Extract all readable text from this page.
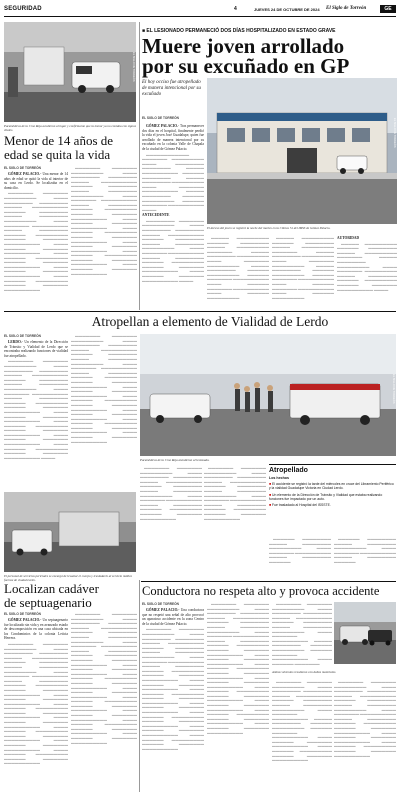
SEGURIDAD	4	JUEVES 24 DE OCTUBRE DE 2024 El Siglo de Torreón	GE
■ EL LESIONADO PERMANECIÓ DOS DÍAS HOSPITALIZADO EN ESTADO GRAVE
Muere joven arrollado
por su excuñado en GP
EL SIGLO DE TORREÓN
Paramédicos de la Cruz Roja acudieron al lugar y confirmaron que la menor ya no contaba con signos vitales.
El hoy occiso fue atropellado de manera intencional por su excuñado
EL SIGLO DE TORREÓN

GÓMEZ PALACIO.- Tras permanecer dos días en el hospital, finalmente perdió la vida el joven José Guadalupe, quien fue arrollado de manera intencional por su excuñado en la colonia Valle de Chapala de la ciudad de Gómez Palacio.

▬▬▬▬▬▬▬▬▬▬▬▬ ▬▬▬▬▬▬▬ ▬▬▬▬▬▬▬▬▬ ▬▬▬▬ ▬▬▬▬▬▬▬▬ ▬▬▬▬▬▬▬▬ ▬▬▬▬▬ ▬▬▬▬▬▬▬▬▬▬ ▬▬▬▬▬▬ ▬▬▬▬▬▬▬▬ ▬▬▬▬▬ ▬▬▬▬▬▬▬▬ ▬▬▬▬▬▬▬▬▬ ▬▬▬▬ ▬▬▬▬▬▬▬ ▬▬▬▬▬▬▬▬▬▬ ▬▬▬▬▬ ▬▬▬▬▬▬▬▬ ▬▬▬▬▬▬ ▬▬▬▬▬▬▬▬▬ ▬▬▬▬▬▬ ▬▬▬▬▬▬▬ ▬▬▬▬▬▬▬▬▬▬ ▬▬▬▬

ANTECEDENTE

▬▬▬▬▬▬▬▬ ▬▬▬▬▬▬▬ ▬▬▬▬▬▬▬▬▬ ▬▬▬▬ ▬▬▬▬▬▬▬▬ ▬▬▬▬▬▬▬▬ ▬▬▬▬▬ ▬▬▬▬▬▬▬▬▬▬ ▬▬▬▬▬▬ ▬▬▬▬▬▬▬▬ ▬▬▬▬▬ ▬▬▬▬▬▬▬▬ ▬▬▬▬▬▬▬▬▬ ▬▬▬▬ ▬▬▬▬▬▬▬ ▬▬▬▬▬▬▬▬▬▬ ▬▬▬▬▬ ▬▬▬▬▬▬▬▬ ▬▬▬▬▬▬ ▬▬▬▬▬▬▬▬▬ ▬▬▬▬▬▬ ▬▬▬▬▬▬▬ ▬▬▬▬▬▬▬▬▬▬ ▬▬▬▬ ▬▬▬▬▬▬ ▬▬▬▬▬▬▬ ▬▬▬▬▬▬▬▬▬▬ ▬▬▬▬

EL SIGLO DE TORREÓN
El deceso del joven se registró la noche del martes en la Clínica 51 del IMSS de Gómez Palacio.

▬▬▬▬▬ ▬▬▬▬▬▬▬▬▬ ▬▬▬▬▬▬ ▬▬▬▬▬▬▬▬ ▬▬▬▬▬ ▬▬▬▬▬▬▬▬▬ ▬▬▬▬▬▬▬ ▬▬▬▬▬ ▬▬▬▬▬▬▬▬ ▬▬▬▬▬▬▬▬▬ ▬▬▬▬ ▬▬▬▬▬▬▬ ▬▬▬▬▬▬▬▬▬ ▬▬▬▬▬ ▬▬▬▬▬▬▬▬ ▬▬▬▬▬▬ ▬▬▬▬▬▬▬▬▬ ▬▬▬▬▬▬ ▬▬▬▬▬▬▬ ▬▬▬▬▬▬▬▬▬▬ ▬▬▬▬ ▬▬▬▬▬▬ ▬▬▬▬▬▬▬ ▬▬▬▬▬▬▬▬▬▬ ▬▬▬▬ ▬▬▬▬▬▬ ▬▬▬▬▬▬▬▬▬

▬▬▬▬▬ ▬▬▬▬▬▬▬▬▬ ▬▬▬▬▬▬ ▬▬▬▬▬▬▬▬ ▬▬▬▬▬ ▬▬▬▬▬▬▬▬▬ ▬▬▬▬▬▬▬ ▬▬▬▬▬ ▬▬▬▬▬▬▬▬ ▬▬▬▬▬▬▬▬▬ ▬▬▬▬ ▬▬▬▬▬▬▬ ▬▬▬▬▬▬▬▬▬ ▬▬▬▬▬ ▬▬▬▬▬▬▬▬ ▬▬▬▬▬▬ ▬▬▬▬▬▬▬▬▬ ▬▬▬▬▬▬ ▬▬▬▬▬▬▬ ▬▬▬▬▬▬▬▬▬▬ ▬▬▬▬ ▬▬▬▬▬▬ ▬▬▬▬▬▬▬ ▬▬▬▬▬▬▬▬▬▬ ▬▬▬▬ ▬▬▬▬▬▬ ▬▬▬▬▬▬▬▬▬

AUTORIDAD

▬▬▬▬▬ ▬▬▬▬▬▬▬▬▬ ▬▬▬▬▬▬ ▬▬▬▬▬▬▬▬ ▬▬▬▬▬ ▬▬▬▬▬▬▬▬▬ ▬▬▬▬▬▬▬ ▬▬▬▬▬ ▬▬▬▬▬▬▬▬ ▬▬▬▬▬▬▬▬▬ ▬▬▬▬ ▬▬▬▬▬▬▬ ▬▬▬▬▬▬▬▬▬ ▬▬▬▬▬ ▬▬▬▬▬▬▬▬ ▬▬▬▬▬▬ ▬▬▬▬▬▬▬▬▬ ▬▬▬▬▬▬ ▬▬▬▬▬▬▬ ▬▬▬▬▬▬▬▬▬▬ ▬▬▬▬

Menor de 14 años de
edad se quita la vida
EL SIGLO DE TORREÓN

GÓMEZ PALACIO.- Una menor de 14 años de edad se quitó la vida al interior de su casa en Lerdo. Se localizaba en el domicilio.

▬▬▬▬▬▬▬ ▬▬▬▬▬▬▬ ▬▬▬▬▬▬▬▬▬ ▬▬▬▬ ▬▬▬▬▬▬▬▬ ▬▬▬▬▬▬▬▬ ▬▬▬▬▬ ▬▬▬▬▬▬▬▬▬▬ ▬▬▬▬▬▬ ▬▬▬▬▬▬▬▬ ▬▬▬▬▬ ▬▬▬▬▬▬▬▬ ▬▬▬▬▬▬▬▬▬ ▬▬▬▬ ▬▬▬▬▬▬▬ ▬▬▬▬▬▬▬▬▬▬ ▬▬▬▬▬ ▬▬▬▬▬▬▬▬ ▬▬▬▬▬▬ ▬▬▬▬▬▬▬▬▬ ▬▬▬▬▬▬ ▬▬▬▬▬▬▬ ▬▬▬▬▬▬▬▬▬▬ ▬▬▬▬ ▬▬▬▬▬▬ ▬▬▬▬▬▬▬ ▬▬▬▬▬▬▬▬▬▬ ▬▬▬▬ ▬▬▬▬▬▬ ▬▬▬▬▬▬▬▬▬ ▬▬▬▬▬▬ ▬▬▬▬▬▬▬ ▬▬▬▬▬▬▬▬▬▬ ▬▬▬▬ ▬▬▬▬▬▬ ▬▬▬▬▬▬▬ ▬▬▬▬▬▬▬▬▬▬ ▬▬▬▬ ▬▬▬▬▬▬ ▬▬▬▬▬▬▬▬▬ ▬▬▬▬▬▬ ▬▬▬▬▬▬▬ ▬▬▬▬▬▬▬▬▬▬

▬▬▬▬▬▬▬ ▬▬▬▬▬▬▬ ▬▬▬▬▬▬▬▬▬ ▬▬▬▬ ▬▬▬▬▬▬▬▬ ▬▬▬▬▬▬▬▬ ▬▬▬▬▬ ▬▬▬▬▬▬▬▬▬▬ ▬▬▬▬▬▬ ▬▬▬▬▬▬▬▬ ▬▬▬▬▬ ▬▬▬▬▬▬▬▬ ▬▬▬▬▬▬▬▬▬ ▬▬▬▬ ▬▬▬▬▬▬▬ ▬▬▬▬▬▬▬▬▬▬ ▬▬▬▬▬ ▬▬▬▬▬▬▬▬ ▬▬▬▬▬▬ ▬▬▬▬▬▬▬▬▬ ▬▬▬▬▬▬ ▬▬▬▬▬▬▬ ▬▬▬▬▬▬▬▬▬▬ ▬▬▬▬ ▬▬▬▬▬▬ ▬▬▬▬▬▬▬ ▬▬▬▬▬▬▬▬▬▬ ▬▬▬▬ ▬▬▬▬▬▬ ▬▬▬▬▬▬▬▬▬ ▬▬▬▬▬▬ ▬▬▬▬▬▬▬ ▬▬▬▬▬▬▬▬▬▬ ▬▬▬▬ ▬▬▬▬▬▬ ▬▬▬▬▬▬▬ ▬▬▬▬▬▬▬▬▬▬ ▬▬▬▬ ▬▬▬▬▬▬ ▬▬▬▬▬▬▬▬▬ ▬▬▬▬▬▬ ▬▬▬▬▬▬▬ ▬▬▬▬▬▬▬▬▬▬ ▬▬▬▬ ▬▬▬▬▬▬ ▬▬▬▬▬▬▬ ▬▬▬▬▬▬▬▬▬▬

Atropellan a elemento de Vialidad de Lerdo
EL SIGLO DE TORREÓN

LERDO.- Un elemento de la Dirección de Tránsito y Vialidad de Lerdo que se encontraba realizando funciones de vialidad fue atropellado.

▬▬▬▬▬▬▬ ▬▬▬▬▬▬▬ ▬▬▬▬▬▬▬▬▬ ▬▬▬▬ ▬▬▬▬▬▬▬▬ ▬▬▬▬▬▬▬▬ ▬▬▬▬▬ ▬▬▬▬▬▬▬▬▬▬ ▬▬▬▬▬▬ ▬▬▬▬▬▬▬▬ ▬▬▬▬▬ ▬▬▬▬▬▬▬▬ ▬▬▬▬▬▬▬▬▬ ▬▬▬▬ ▬▬▬▬▬▬▬ ▬▬▬▬▬▬▬▬▬▬ ▬▬▬▬▬ ▬▬▬▬▬▬▬▬ ▬▬▬▬▬▬ ▬▬▬▬▬▬▬▬▬ ▬▬▬▬▬▬ ▬▬▬▬▬▬▬ ▬▬▬▬▬▬▬▬▬▬ ▬▬▬▬ ▬▬▬▬▬▬ ▬▬▬▬▬▬▬ ▬▬▬▬▬▬▬▬▬▬ ▬▬▬▬ ▬▬▬▬▬▬ ▬▬▬▬▬▬▬▬▬ ▬▬▬▬▬▬ ▬▬▬▬▬▬▬ ▬▬▬▬▬▬▬▬▬▬ ▬▬▬▬ ▬▬▬▬▬▬ ▬▬▬▬▬▬▬ ▬▬▬▬▬▬▬▬▬▬ ▬▬▬▬ ▬▬▬▬▬▬ ▬▬▬▬▬▬▬▬▬ ▬▬▬▬▬▬ ▬▬▬▬▬▬▬ ▬▬▬▬▬▬▬▬▬▬ ▬▬▬▬

▬▬▬▬▬▬▬ ▬▬▬▬▬▬▬ ▬▬▬▬▬▬▬▬▬ ▬▬▬▬ ▬▬▬▬▬▬▬▬ ▬▬▬▬▬▬▬▬ ▬▬▬▬▬ ▬▬▬▬▬▬▬▬▬▬ ▬▬▬▬▬▬ ▬▬▬▬▬▬▬▬ ▬▬▬▬▬ ▬▬▬▬▬▬▬▬ ▬▬▬▬▬▬▬▬▬ ▬▬▬▬ ▬▬▬▬▬▬▬ ▬▬▬▬▬▬▬▬▬▬ ▬▬▬▬▬ ▬▬▬▬▬▬▬▬ ▬▬▬▬▬▬ ▬▬▬▬▬▬▬▬▬ ▬▬▬▬▬▬ ▬▬▬▬▬▬▬ ▬▬▬▬▬▬▬▬▬▬ ▬▬▬▬ ▬▬▬▬▬▬ ▬▬▬▬▬▬▬ ▬▬▬▬▬▬▬▬▬▬ ▬▬▬▬ ▬▬▬▬▬▬ ▬▬▬▬▬▬▬▬▬ ▬▬▬▬▬▬ ▬▬▬▬▬▬▬ ▬▬▬▬▬▬▬▬▬▬ ▬▬▬▬ ▬▬▬▬▬▬ ▬▬▬▬▬▬▬ ▬▬▬▬▬▬▬▬▬▬ ▬▬▬▬ ▬▬▬▬▬▬ ▬▬▬▬▬▬▬▬▬ ▬▬▬▬▬▬ ▬▬▬▬▬▬▬ ▬▬▬▬▬▬▬▬▬▬ ▬▬▬▬ ▬▬▬▬▬▬ ▬▬▬▬▬▬▬ ▬▬▬▬▬▬▬▬▬▬

EL SIGLO DE TORREÓN
Paramédicos de la Cruz Roja atendieron al lesionado.

▬▬▬▬▬▬▬ ▬▬▬▬▬▬▬ ▬▬▬▬▬▬▬▬▬ ▬▬▬▬ ▬▬▬▬▬▬▬▬ ▬▬▬▬▬▬▬▬ ▬▬▬▬▬ ▬▬▬▬▬▬▬▬▬▬ ▬▬▬▬▬▬ ▬▬▬▬▬▬▬▬ ▬▬▬▬▬ ▬▬▬▬▬▬▬▬ ▬▬▬▬▬▬▬▬▬ ▬▬▬▬ ▬▬▬▬▬▬▬ ▬▬▬▬▬▬▬▬▬▬ ▬▬▬▬▬ ▬▬▬▬▬▬▬▬ ▬▬▬▬▬▬ ▬▬▬▬▬▬▬▬▬ ▬▬▬▬▬▬ ▬▬▬▬▬▬▬ ▬▬▬▬▬▬▬▬▬▬

▬▬▬▬▬▬▬ ▬▬▬▬▬▬▬ ▬▬▬▬▬▬▬▬▬ ▬▬▬▬ ▬▬▬▬▬▬▬▬ ▬▬▬▬▬▬▬▬ ▬▬▬▬▬ ▬▬▬▬▬▬▬▬▬▬ ▬▬▬▬▬▬ ▬▬▬▬▬▬▬▬ ▬▬▬▬▬ ▬▬▬▬▬▬▬▬ ▬▬▬▬▬▬▬▬▬ ▬▬▬▬ ▬▬▬▬▬▬▬ ▬▬▬▬▬▬▬▬▬▬ ▬▬▬▬▬ ▬▬▬▬▬▬▬▬ ▬▬▬▬▬▬ ▬▬▬▬▬▬▬▬▬ ▬▬▬▬▬▬ ▬▬▬▬▬▬▬ ▬▬▬▬▬▬▬▬▬▬

Atropellado
Los hechos
■ El accidente se registró la tarde del miércoles en cruce del Libramiento Periférico y la vialidad Guadalupe Victoria en Ciudad Lerdo.
■ Un elemento de la Dirección de Tránsito y Vialidad que estaba realizando funciones fue impactado por un auto.
■ Fue trasladado al Hospital del ISSSTE.

▬▬▬▬▬▬ ▬▬▬▬▬▬▬▬ ▬▬▬▬▬ ▬▬▬▬▬▬▬▬ ▬▬▬▬▬▬▬▬▬ ▬▬▬▬ ▬▬▬▬▬▬▬ ▬▬▬▬▬▬▬▬▬▬ ▬▬▬▬▬ ▬▬▬▬▬▬▬▬ ▬▬▬▬▬▬

▬▬▬▬▬▬ ▬▬▬▬▬▬▬▬ ▬▬▬▬▬ ▬▬▬▬▬▬▬▬ ▬▬▬▬▬▬▬▬▬ ▬▬▬▬ ▬▬▬▬▬▬▬ ▬▬▬▬▬▬▬▬▬▬ ▬▬▬▬▬ ▬▬▬▬▬▬▬▬ ▬▬▬▬▬▬

El personal de servicios periciales se encargó de levantar el cuerpo y trasladarlo al servicio médico forense de ciudad Lerdo.
Localizan cadáver
de septuagenario
EL SIGLO DE TORREÓN

GÓMEZ PALACIO.- Un septuagenario fue localizado sin vida y en avanzado estado de descomposición en una casa ubicada en los Condominios de la colonia Leticia Herrera.

▬▬▬▬▬▬▬ ▬▬▬▬▬▬▬ ▬▬▬▬▬▬▬▬▬ ▬▬▬▬ ▬▬▬▬▬▬▬▬ ▬▬▬▬▬▬▬▬ ▬▬▬▬▬ ▬▬▬▬▬▬▬▬▬▬ ▬▬▬▬▬▬ ▬▬▬▬▬▬▬▬ ▬▬▬▬▬ ▬▬▬▬▬▬▬▬ ▬▬▬▬▬▬▬▬▬ ▬▬▬▬ ▬▬▬▬▬▬▬ ▬▬▬▬▬▬▬▬▬▬ ▬▬▬▬▬ ▬▬▬▬▬▬▬▬ ▬▬▬▬▬▬ ▬▬▬▬▬▬▬▬▬ ▬▬▬▬▬▬ ▬▬▬▬▬▬▬ ▬▬▬▬▬▬▬▬▬▬ ▬▬▬▬ ▬▬▬▬▬▬ ▬▬▬▬▬▬▬ ▬▬▬▬▬▬▬▬▬▬ ▬▬▬▬ ▬▬▬▬▬▬ ▬▬▬▬▬▬▬▬▬ ▬▬▬▬▬▬ ▬▬▬▬▬▬▬ ▬▬▬▬▬▬▬▬▬▬ ▬▬▬▬ ▬▬▬▬▬▬ ▬▬▬▬▬▬▬ ▬▬▬▬▬▬▬▬▬▬ ▬▬▬▬ ▬▬▬▬▬▬ ▬▬▬▬▬▬▬▬▬ ▬▬▬▬▬▬ ▬▬▬▬▬▬▬ ▬▬▬▬▬▬▬▬▬▬ ▬▬▬▬ ▬▬▬▬▬▬ ▬▬▬▬▬▬▬ ▬▬▬▬▬▬▬▬▬▬ ▬▬▬▬ ▬▬▬▬▬▬ ▬▬▬▬▬▬▬▬▬ ▬▬▬▬▬▬ ▬▬▬▬▬▬▬ ▬▬▬▬▬▬▬▬▬▬

▬▬▬▬▬▬▬ ▬▬▬▬▬▬▬ ▬▬▬▬▬▬▬▬▬ ▬▬▬▬ ▬▬▬▬▬▬▬▬ ▬▬▬▬▬▬▬▬ ▬▬▬▬▬ ▬▬▬▬▬▬▬▬▬▬ ▬▬▬▬▬▬ ▬▬▬▬▬▬▬▬ ▬▬▬▬▬ ▬▬▬▬▬▬▬▬ ▬▬▬▬▬▬▬▬▬ ▬▬▬▬ ▬▬▬▬▬▬▬ ▬▬▬▬▬▬▬▬▬▬ ▬▬▬▬▬ ▬▬▬▬▬▬▬▬ ▬▬▬▬▬▬ ▬▬▬▬▬▬▬▬▬ ▬▬▬▬▬▬ ▬▬▬▬▬▬▬ ▬▬▬▬▬▬▬▬▬▬ ▬▬▬▬ ▬▬▬▬▬▬ ▬▬▬▬▬▬▬ ▬▬▬▬▬▬▬▬▬▬ ▬▬▬▬ ▬▬▬▬▬▬ ▬▬▬▬▬▬▬▬▬ ▬▬▬▬▬▬ ▬▬▬▬▬▬▬ ▬▬▬▬▬▬▬▬▬▬ ▬▬▬▬ ▬▬▬▬▬▬ ▬▬▬▬▬▬▬ ▬▬▬▬▬▬▬▬▬▬ ▬▬▬▬ ▬▬▬▬▬▬ ▬▬▬▬▬▬▬▬▬ ▬▬▬▬▬▬ ▬▬▬▬▬▬▬ ▬▬▬▬▬▬▬▬▬▬ ▬▬▬▬ ▬▬▬▬▬▬ ▬▬▬▬▬▬▬ ▬▬▬▬▬▬▬▬▬▬ ▬▬▬▬ ▬▬▬▬▬▬ ▬▬▬▬▬▬▬▬▬ ▬▬▬▬▬▬ ▬▬▬▬▬▬▬ ▬▬▬▬▬▬▬▬▬▬ ▬▬▬▬ ▬▬▬▬▬▬ ▬▬▬▬▬▬▬ ▬▬▬▬▬▬▬▬▬▬

Conductora no respeta alto y provoca accidente
EL SIGLO DE TORREÓN

GÓMEZ PALACIO.- Una conductora que no respetó una señal de alto provocó un aparatoso accidente en la zona Centro de la ciudad de Gómez Palacio.

▬▬▬▬▬▬▬ ▬▬▬▬▬▬▬ ▬▬▬▬▬▬▬▬▬ ▬▬▬▬ ▬▬▬▬▬▬▬▬ ▬▬▬▬▬▬▬▬ ▬▬▬▬▬ ▬▬▬▬▬▬▬▬▬▬ ▬▬▬▬▬▬ ▬▬▬▬▬▬▬▬ ▬▬▬▬▬ ▬▬▬▬▬▬▬▬ ▬▬▬▬▬▬▬▬▬ ▬▬▬▬ ▬▬▬▬▬▬▬ ▬▬▬▬▬▬▬▬▬▬ ▬▬▬▬▬ ▬▬▬▬▬▬▬▬ ▬▬▬▬▬▬ ▬▬▬▬▬▬▬▬▬ ▬▬▬▬▬▬ ▬▬▬▬▬▬▬ ▬▬▬▬▬▬▬▬▬▬ ▬▬▬▬ ▬▬▬▬▬▬ ▬▬▬▬▬▬▬ ▬▬▬▬▬▬▬▬▬▬ ▬▬▬▬ ▬▬▬▬▬▬ ▬▬▬▬▬▬▬▬▬ ▬▬▬▬▬▬ ▬▬▬▬▬▬▬ ▬▬▬▬▬▬▬▬▬▬ ▬▬▬▬ ▬▬▬▬▬▬ ▬▬▬▬▬▬▬ ▬▬▬▬▬▬▬▬▬▬ ▬▬▬▬ ▬▬▬▬▬▬ ▬▬▬▬▬▬▬▬▬ ▬▬▬▬▬▬ ▬▬▬▬▬▬▬ ▬▬▬▬▬▬▬▬▬▬ ▬▬▬▬ ▬▬▬▬▬▬ ▬▬▬▬▬▬▬ ▬▬▬▬▬▬▬▬▬▬ ▬▬▬▬ ▬▬▬▬▬▬ ▬▬▬▬▬▬▬▬▬ ▬▬▬▬▬▬ ▬▬▬▬▬▬▬ ▬▬▬▬▬▬▬▬▬▬

▬▬▬▬▬▬▬ ▬▬▬▬▬▬▬ ▬▬▬▬▬▬▬▬▬ ▬▬▬▬ ▬▬▬▬▬▬▬▬ ▬▬▬▬▬▬▬▬ ▬▬▬▬▬ ▬▬▬▬▬▬▬▬▬▬ ▬▬▬▬▬▬ ▬▬▬▬▬▬▬▬ ▬▬▬▬▬ ▬▬▬▬▬▬▬▬ ▬▬▬▬▬▬▬▬▬ ▬▬▬▬ ▬▬▬▬▬▬▬ ▬▬▬▬▬▬▬▬▬▬ ▬▬▬▬▬ ▬▬▬▬▬▬▬▬ ▬▬▬▬▬▬ ▬▬▬▬▬▬▬▬▬ ▬▬▬▬▬▬ ▬▬▬▬▬▬▬ ▬▬▬▬▬▬▬▬▬▬ ▬▬▬▬ ▬▬▬▬▬▬ ▬▬▬▬▬▬▬ ▬▬▬▬▬▬▬▬▬▬ ▬▬▬▬ ▬▬▬▬▬▬ ▬▬▬▬▬▬▬▬▬ ▬▬▬▬▬▬ ▬▬▬▬▬▬▬ ▬▬▬▬▬▬▬▬▬▬ ▬▬▬▬ ▬▬▬▬▬▬ ▬▬▬▬▬▬▬ ▬▬▬▬▬▬▬▬▬▬ ▬▬▬▬ ▬▬▬▬▬▬ ▬▬▬▬▬▬▬▬▬ ▬▬▬▬▬▬ ▬▬▬▬▬▬▬ ▬▬▬▬▬▬▬▬▬▬ ▬▬▬▬ ▬▬▬▬▬▬ ▬▬▬▬▬▬▬ ▬▬▬▬▬▬▬▬▬▬ ▬▬▬▬ ▬▬▬▬▬▬ ▬▬▬▬▬▬▬▬▬ ▬▬▬▬▬▬ ▬▬▬▬▬▬▬ ▬▬▬▬▬▬▬▬▬▬ ▬▬▬▬ ▬▬▬▬▬▬ ▬▬▬▬▬▬▬ ▬▬▬▬▬▬▬▬▬▬

▬▬▬▬▬▬▬ ▬▬▬▬▬▬▬ ▬▬▬▬▬▬▬▬▬ ▬▬▬▬ ▬▬▬▬▬▬▬▬ ▬▬▬▬▬▬▬▬ ▬▬▬▬▬ ▬▬▬▬▬▬▬▬▬▬ ▬▬▬▬▬▬ ▬▬▬▬▬▬▬▬ ▬▬▬▬▬ ▬▬▬▬▬▬▬▬ ▬▬▬▬▬▬▬▬▬ ▬▬▬▬ ▬▬▬▬▬▬▬ ▬▬▬▬▬▬▬▬▬▬ ▬▬▬▬▬ ▬▬▬▬▬▬▬▬ ▬▬▬▬▬▬ ▬▬▬▬▬▬▬▬▬ ▬▬▬▬▬▬ ▬▬▬▬▬▬▬ ▬▬▬▬▬▬▬▬▬▬ ▬▬▬▬ ▬▬▬▬▬▬ ▬▬▬▬▬▬▬

Ambos vehículos resultaron con daños materiales.

▬▬▬▬▬▬▬ ▬▬▬▬▬▬▬ ▬▬▬▬▬▬▬▬▬ ▬▬▬▬ ▬▬▬▬▬▬▬▬ ▬▬▬▬▬▬▬▬ ▬▬▬▬▬ ▬▬▬▬▬▬▬▬▬▬ ▬▬▬▬▬▬ ▬▬▬▬▬▬▬▬ ▬▬▬▬▬ ▬▬▬▬▬▬▬▬ ▬▬▬▬▬▬▬▬▬ ▬▬▬▬ ▬▬▬▬▬▬▬ ▬▬▬▬▬▬▬▬▬▬ ▬▬▬▬▬ ▬▬▬▬▬▬▬▬ ▬▬▬▬▬▬ ▬▬▬▬▬▬▬▬▬ ▬▬▬▬▬▬ ▬▬▬▬▬▬▬ ▬▬▬▬▬▬▬▬▬▬ ▬▬▬▬ ▬▬▬▬▬▬ ▬▬▬▬▬▬▬ ▬▬▬▬▬▬▬▬▬▬ ▬▬▬▬ ▬▬▬▬▬▬ ▬▬▬▬▬▬▬▬▬ ▬▬▬▬▬▬ ▬▬▬▬▬▬▬ ▬▬▬▬▬▬▬▬▬▬

▬▬▬▬▬▬▬ ▬▬▬▬▬▬▬ ▬▬▬▬▬▬▬▬▬ ▬▬▬▬ ▬▬▬▬▬▬▬▬ ▬▬▬▬▬▬▬▬ ▬▬▬▬▬ ▬▬▬▬▬▬▬▬▬▬ ▬▬▬▬▬▬ ▬▬▬▬▬▬▬▬ ▬▬▬▬▬ ▬▬▬▬▬▬▬▬ ▬▬▬▬▬▬▬▬▬ ▬▬▬▬ ▬▬▬▬▬▬▬ ▬▬▬▬▬▬▬▬▬▬ ▬▬▬▬▬ ▬▬▬▬▬▬▬▬ ▬▬▬▬▬▬ ▬▬▬▬▬▬▬▬▬ ▬▬▬▬▬▬ ▬▬▬▬▬▬▬ ▬▬▬▬▬▬▬▬▬▬ ▬▬▬▬ ▬▬▬▬▬▬ ▬▬▬▬▬▬▬ ▬▬▬▬▬▬▬▬▬▬ ▬▬▬▬ ▬▬▬▬▬▬ ▬▬▬▬▬▬▬▬▬ ▬▬▬▬▬▬ ▬▬▬▬▬▬▬ ▬▬▬▬▬▬▬▬▬▬
